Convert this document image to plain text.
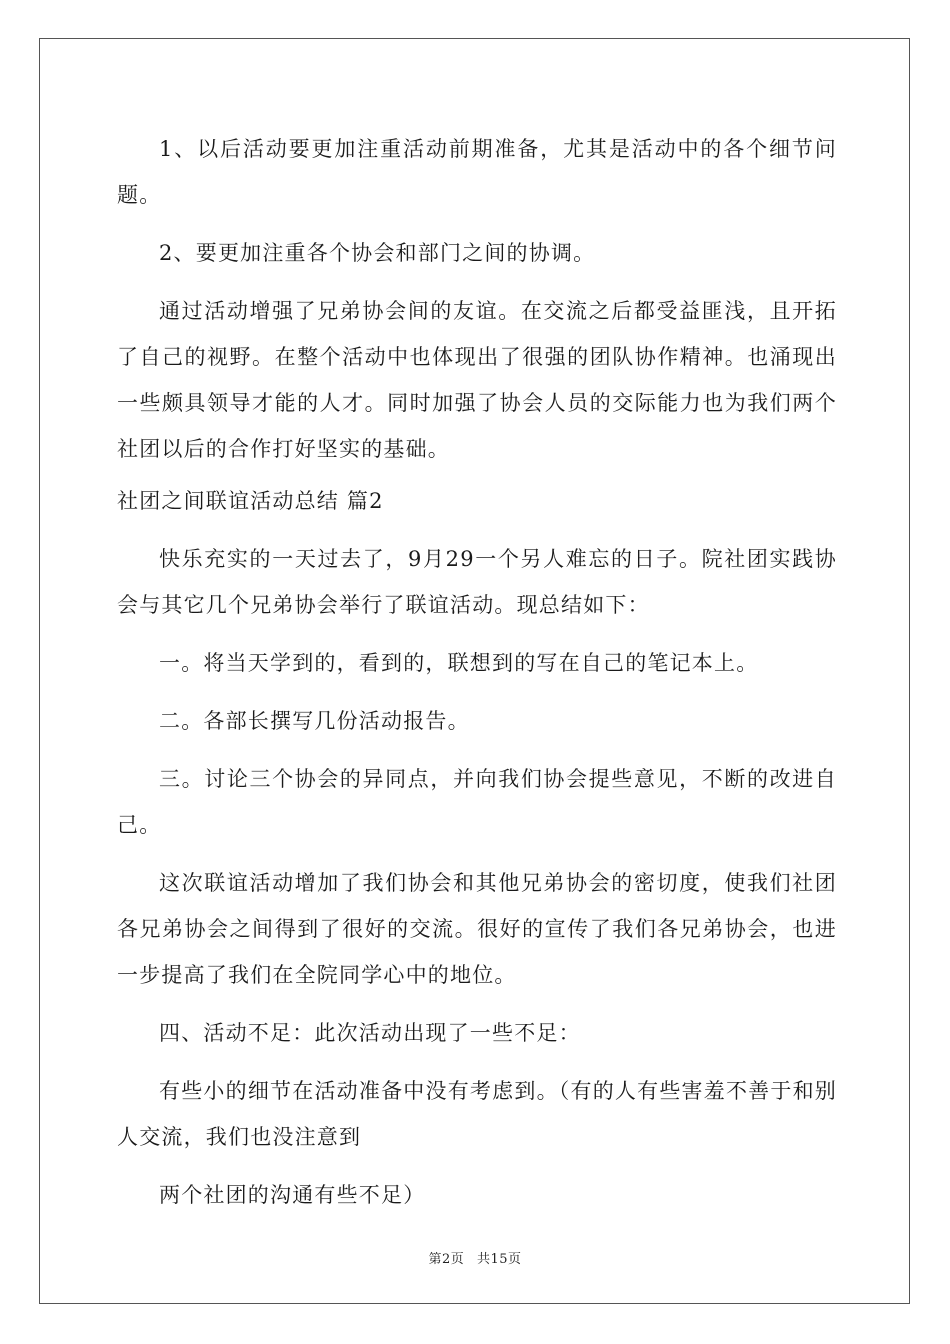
1、以后活动要更加注重活动前期准备，尤其是活动中的各个细节问题。

2、要更加注重各个协会和部门之间的协调。

通过活动增强了兄弟协会间的友谊。在交流之后都受益匪浅，且开拓了自己的视野。在整个活动中也体现出了很强的团队协作精神。也涌现出一些颇具领导才能的人才。同时加强了协会人员的交际能力也为我们两个社团以后的合作打好坚实的基础。

社团之间联谊活动总结 篇2

快乐充实的一天过去了，9月29一个另人难忘的日子。院社团实践协会与其它几个兄弟协会举行了联谊活动。现总结如下：

一。将当天学到的，看到的，联想到的写在自己的笔记本上。

二。各部长撰写几份活动报告。

三。讨论三个协会的异同点，并向我们协会提些意见，不断的改进自己。

这次联谊活动增加了我们协会和其他兄弟协会的密切度，使我们社团各兄弟协会之间得到了很好的交流。很好的宣传了我们各兄弟协会，也进一步提高了我们在全院同学心中的地位。

四、活动不足：此次活动出现了一些不足：

有些小的细节在活动准备中没有考虑到。（有的人有些害羞不善于和别人交流，我们也没注意到

两个社团的沟通有些不足）

第2页 共15页
